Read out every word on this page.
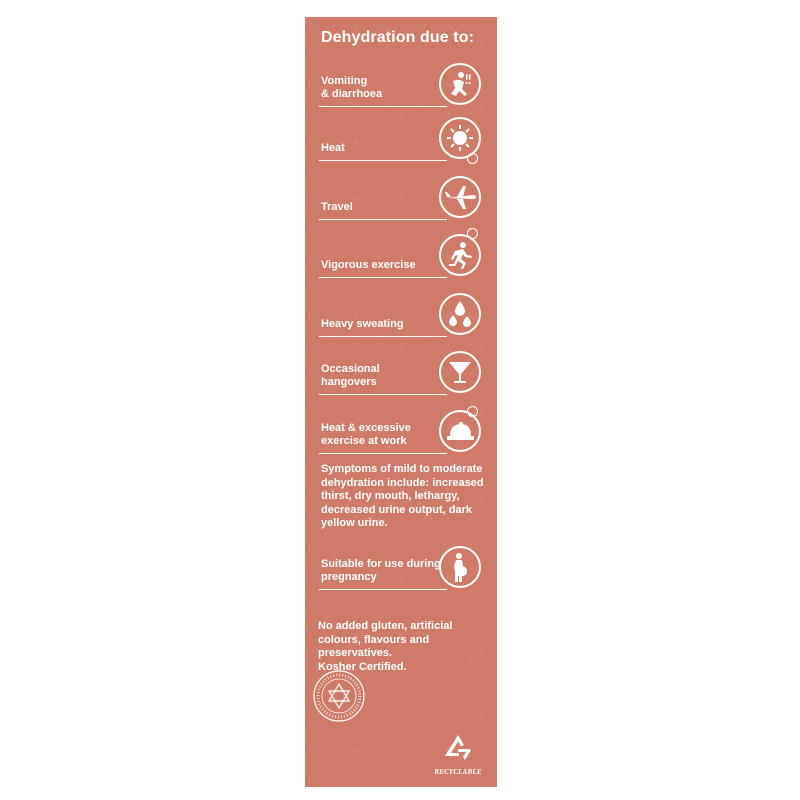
Dehydration due to:
Vomiting
& diarrhoea
Heat
Travel
Vigorous exercise
Heavy sweating
Occasional
hangovers
Heat & excessive
exercise at work

Symptoms of mild to moderate dehydration include: increased thirst, dry mouth, lethargy, decreased urine output, dark yellow urine.

Suitable for use during
pregnancy

No added gluten, artificial colours, flavours and preservatives.
Kosher Certified.

RECYCLABLE
